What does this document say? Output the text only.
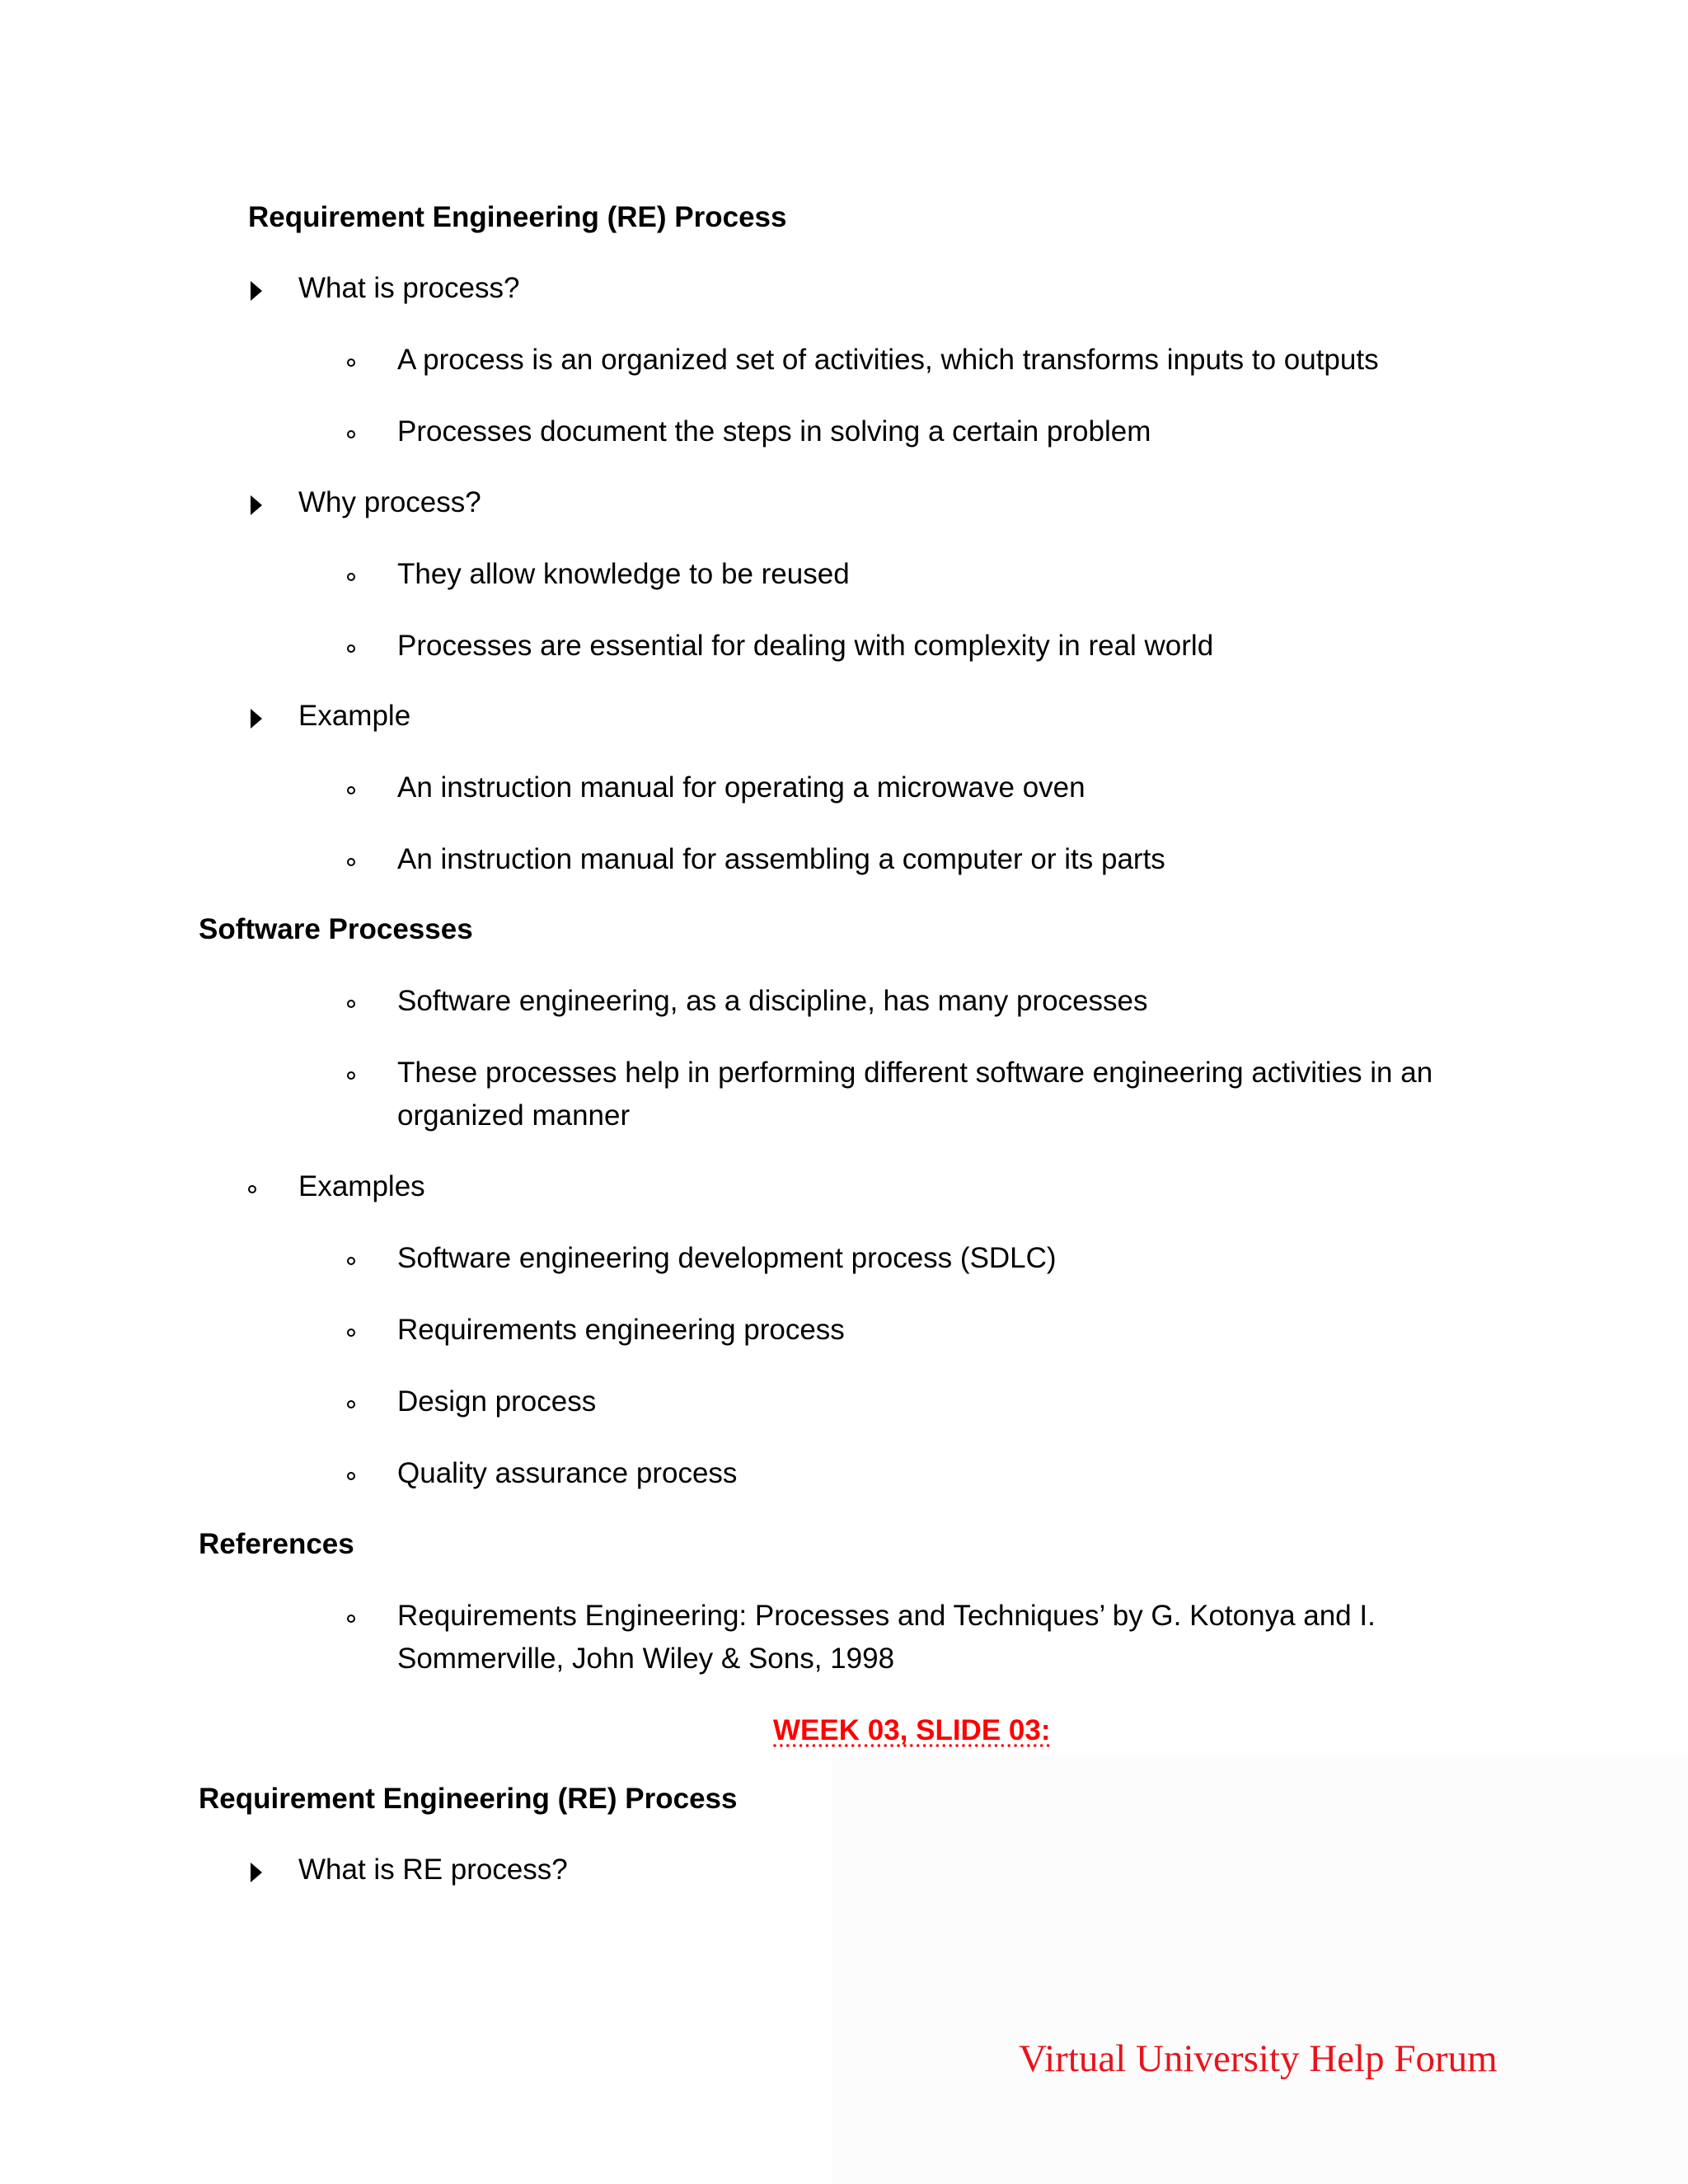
Requirement Engineering (RE) Process
What is process?
A process is an organized set of activities, which transforms inputs to outputs
Processes document the steps in solving a certain problem
Why process?
They allow knowledge to be reused
Processes are essential for dealing with complexity in real world
Example
An instruction manual for operating a microwave oven
An instruction manual for assembling a computer or its parts
Software Processes
Software engineering, as a discipline, has many processes
These processes help in performing different software engineering activities in an organized manner
Examples
Software engineering development process (SDLC)
Requirements engineering process
Design process
Quality assurance process
References
Requirements Engineering: Processes and Techniques’ by G. Kotonya and I. Sommerville, John Wiley & Sons, 1998
WEEK 03, SLIDE 03:
Requirement Engineering (RE) Process
What is RE process?
Virtual University Help Forum
